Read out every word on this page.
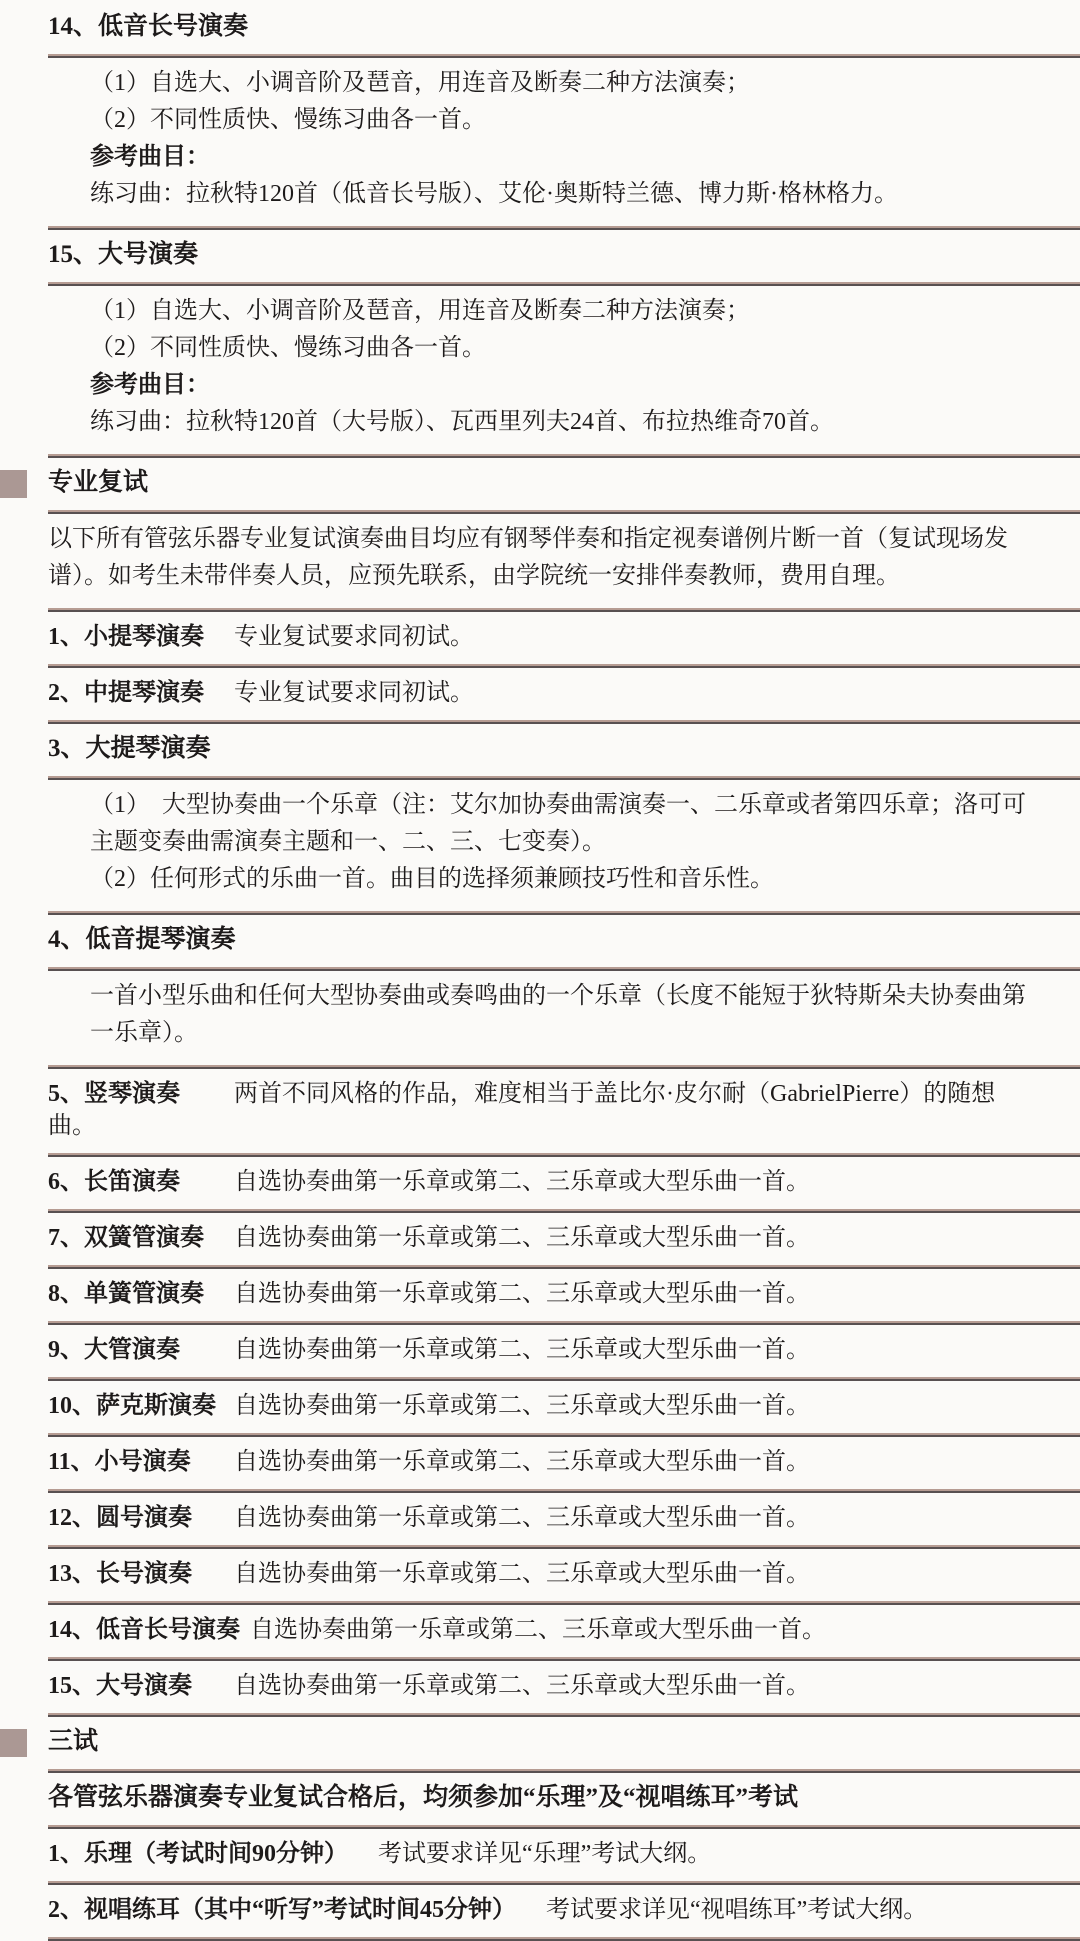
14、低音长号演奏
（1）自选大、小调音阶及琶音，用连音及断奏二种方法演奏；
（2）不同性质快、慢练习曲各一首。
参考曲目：
练习曲：拉秋特120首（低音长号版）、艾伦·奥斯特兰德、博力斯·格林格力。
15、大号演奏
（1）自选大、小调音阶及琶音，用连音及断奏二种方法演奏；
（2）不同性质快、慢练习曲各一首。
参考曲目：
练习曲：拉秋特120首（大号版）、瓦西里列夫24首、布拉热维奇70首。
专业复试
以下所有管弦乐器专业复试演奏曲目均应有钢琴伴奏和指定视奏谱例片断一首（复试现场发谱）。如考生未带伴奏人员，应预先联系，由学院统一安排伴奏教师，费用自理。
1、小提琴演奏 专业复试要求同初试。
2、中提琴演奏 专业复试要求同初试。
3、大提琴演奏
（1）　大型协奏曲一个乐章（注：艾尔加协奏曲需演奏一、二乐章或者第四乐章；洛可可主题变奏曲需演奏主题和一、二、三、七变奏）。
（2）任何形式的乐曲一首。曲目的选择须兼顾技巧性和音乐性。
4、低音提琴演奏
一首小型乐曲和任何大型协奏曲或奏鸣曲的一个乐章（长度不能短于狄特斯朵夫协奏曲第一乐章）。
5、竖琴演奏 两首不同风格的作品，难度相当于盖比尔·皮尔耐（GabrielPierre）的随想曲。
6、长笛演奏 自选协奏曲第一乐章或第二、三乐章或大型乐曲一首。
7、双簧管演奏 自选协奏曲第一乐章或第二、三乐章或大型乐曲一首。
8、单簧管演奏 自选协奏曲第一乐章或第二、三乐章或大型乐曲一首。
9、大管演奏 自选协奏曲第一乐章或第二、三乐章或大型乐曲一首。
10、萨克斯演奏 自选协奏曲第一乐章或第二、三乐章或大型乐曲一首。
11、小号演奏 自选协奏曲第一乐章或第二、三乐章或大型乐曲一首。
12、圆号演奏 自选协奏曲第一乐章或第二、三乐章或大型乐曲一首。
13、长号演奏 自选协奏曲第一乐章或第二、三乐章或大型乐曲一首。
14、低音长号演奏 自选协奏曲第一乐章或第二、三乐章或大型乐曲一首。
15、大号演奏 自选协奏曲第一乐章或第二、三乐章或大型乐曲一首。
三试
各管弦乐器演奏专业复试合格后，均须参加“乐理”及“视唱练耳”考试
1、乐理（考试时间90分钟） 考试要求详见“乐理”考试大纲。
2、视唱练耳（其中“听写”考试时间45分钟） 考试要求详见“视唱练耳”考试大纲。
